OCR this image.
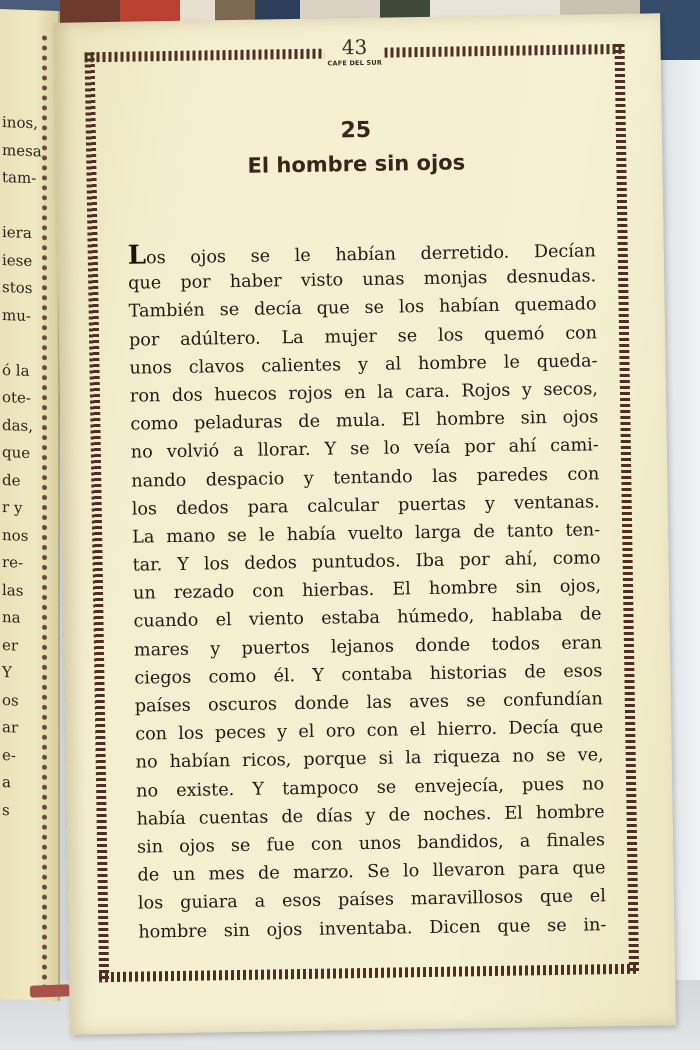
inos,
mesa
tam-
iera
iese
stos
mu-
ó la
ote-
das,
que
de
r y
nos
re-
las
na
er
Y
os
ar
e-
a
s
43
CAFE DEL SUR
25
El hombre sin ojos
Los ojos se le habían derretido. Decían
que por haber visto unas monjas desnudas.
También se decía que se los habían quemado
por adúltero. La mujer se los quemó con
unos clavos calientes y al hombre le queda-
ron dos huecos rojos en la cara. Rojos y secos,
como peladuras de mula. El hombre sin ojos
no volvió a llorar. Y se lo veía por ahí cami-
nando despacio y tentando las paredes con
los dedos para calcular puertas y ventanas.
La mano se le había vuelto larga de tanto ten-
tar. Y los dedos puntudos. Iba por ahí, como
un rezado con hierbas. El hombre sin ojos,
cuando el viento estaba húmedo, hablaba de
mares y puertos lejanos donde todos eran
ciegos como él. Y contaba historias de esos
países oscuros donde las aves se confundían
con los peces y el oro con el hierro. Decía que
no habían ricos, porque si la riqueza no se ve,
no existe. Y tampoco se envejecía, pues no
había cuentas de días y de noches. El hombre
sin ojos se fue con unos bandidos, a finales
de un mes de marzo. Se lo llevaron para que
los guiara a esos países maravillosos que el
hombre sin ojos inventaba. Dicen que se in-
